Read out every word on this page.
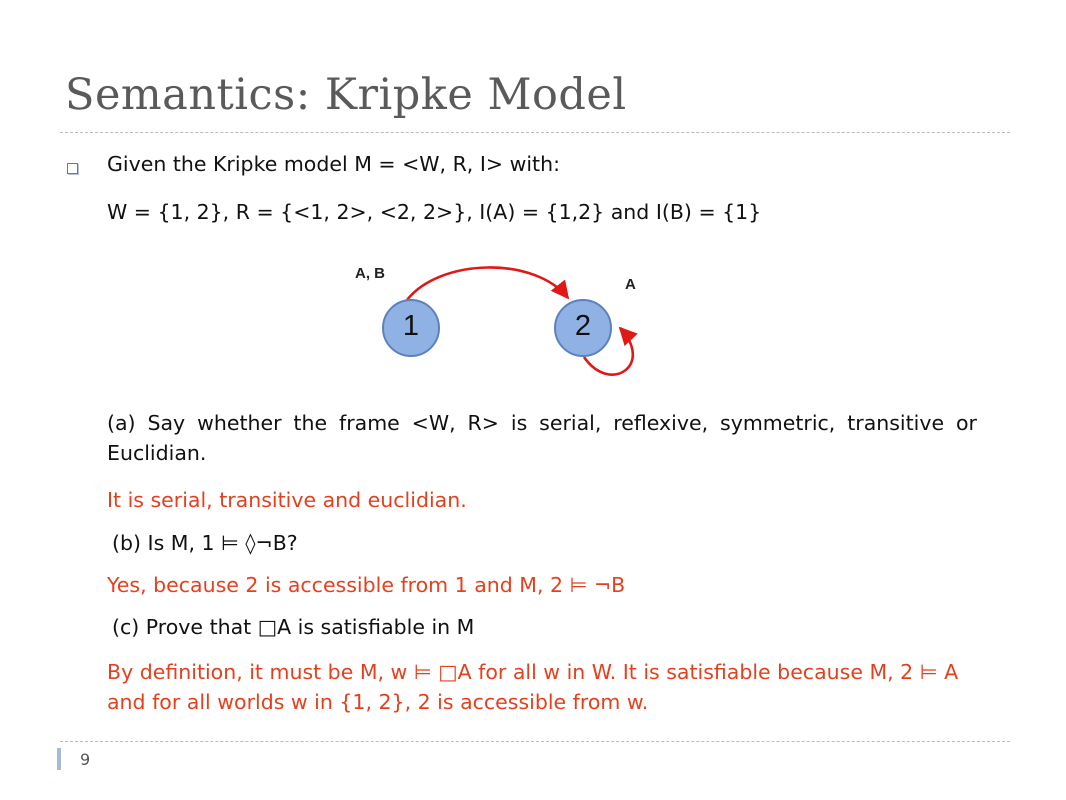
Semantics: Kripke Model
Given the Kripke model M = <W, R, I> with:
W = {1, 2}, R = {<1, 2>, <2, 2>}, I(A) = {1,2} and I(B) = {1}
1	2
A, B
A
(a) Say whether the frame <W, R> is serial, reflexive, symmetric, transitive or Euclidian.
It is serial, transitive and euclidian.
(b) Is M, 1 ⊨ ◊¬B?
Yes, because 2 is accessible from 1 and M, 2 ⊨ ¬B
(c) Prove that □A is satisfiable in M
By definition, it must be M, w ⊨ □A for all w in W. It is satisfiable because M, 2 ⊨ A and for all worlds w in {1, 2}, 2 is accessible from w.
9
